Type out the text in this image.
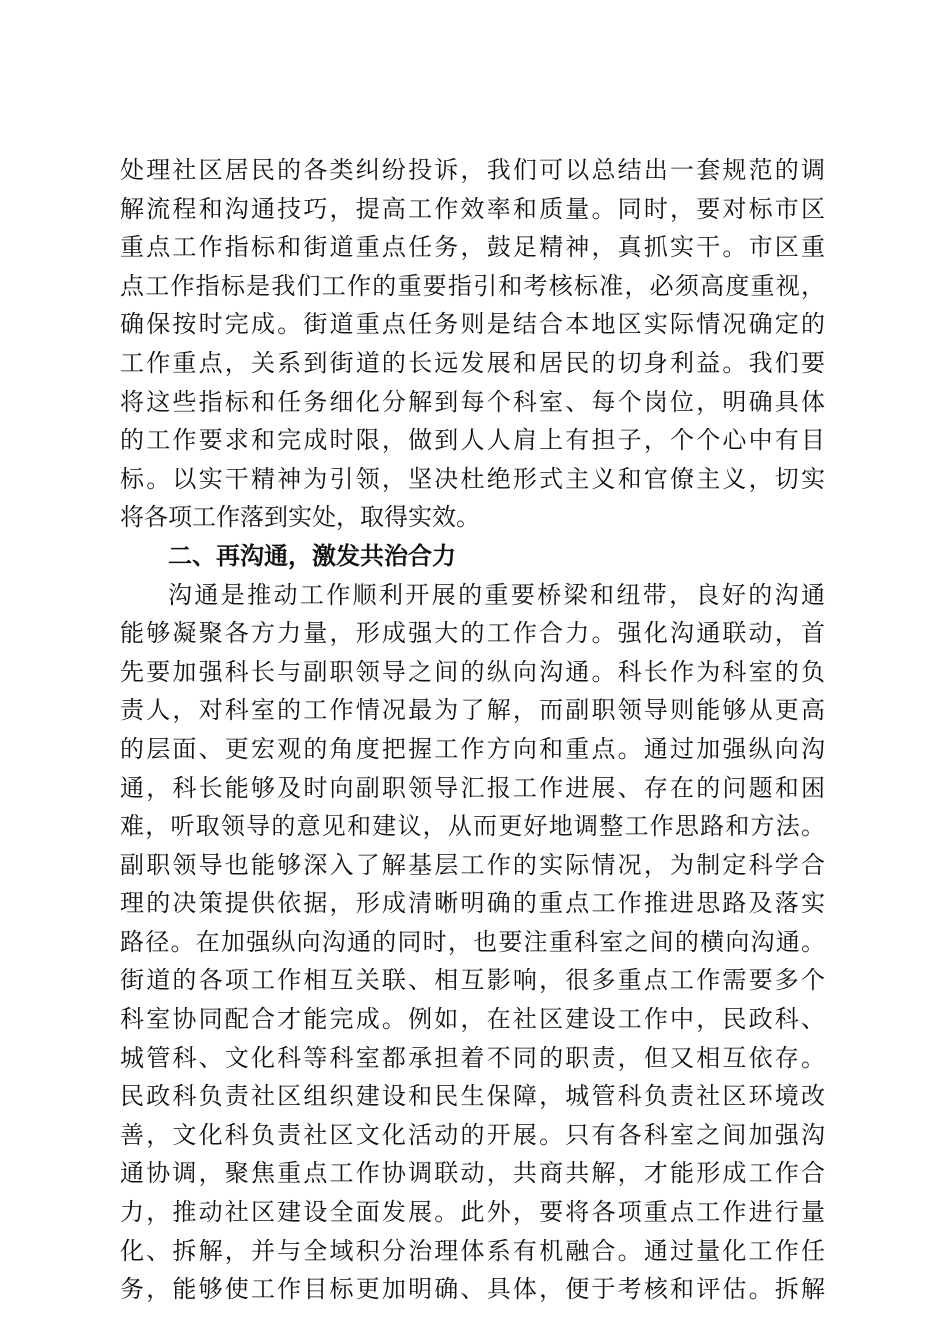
处理社区居民的各类纠纷投诉，我们可以总结出一套规范的调
解流程和沟通技巧，提高工作效率和质量。同时，要对标市区
重点工作指标和街道重点任务，鼓足精神，真抓实干。市区重
点工作指标是我们工作的重要指引和考核标准，必须高度重视，
确保按时完成。街道重点任务则是结合本地区实际情况确定的
工作重点，关系到街道的长远发展和居民的切身利益。我们要
将这些指标和任务细化分解到每个科室、每个岗位，明确具体
的工作要求和完成时限，做到人人肩上有担子，个个心中有目
标。以实干精神为引领，坚决杜绝形式主义和官僚主义，切实
将各项工作落到实处，取得实效。
二、再沟通，激发共治合力
沟通是推动工作顺利开展的重要桥梁和纽带，良好的沟通
能够凝聚各方力量，形成强大的工作合力。强化沟通联动，首
先要加强科长与副职领导之间的纵向沟通。科长作为科室的负
责人，对科室的工作情况最为了解，而副职领导则能够从更高
的层面、更宏观的角度把握工作方向和重点。通过加强纵向沟
通，科长能够及时向副职领导汇报工作进展、存在的问题和困
难，听取领导的意见和建议，从而更好地调整工作思路和方法。
副职领导也能够深入了解基层工作的实际情况，为制定科学合
理的决策提供依据，形成清晰明确的重点工作推进思路及落实
路径。在加强纵向沟通的同时，也要注重科室之间的横向沟通。
街道的各项工作相互关联、相互影响，很多重点工作需要多个
科室协同配合才能完成。例如，在社区建设工作中，民政科、
城管科、文化科等科室都承担着不同的职责，但又相互依存。
民政科负责社区组织建设和民生保障，城管科负责社区环境改
善，文化科负责社区文化活动的开展。只有各科室之间加强沟
通协调，聚焦重点工作协调联动，共商共解，才能形成工作合
力，推动社区建设全面发展。此外，要将各项重点工作进行量
化、拆解，并与全域积分治理体系有机融合。通过量化工作任
务，能够使工作目标更加明确、具体，便于考核和评估。拆解
